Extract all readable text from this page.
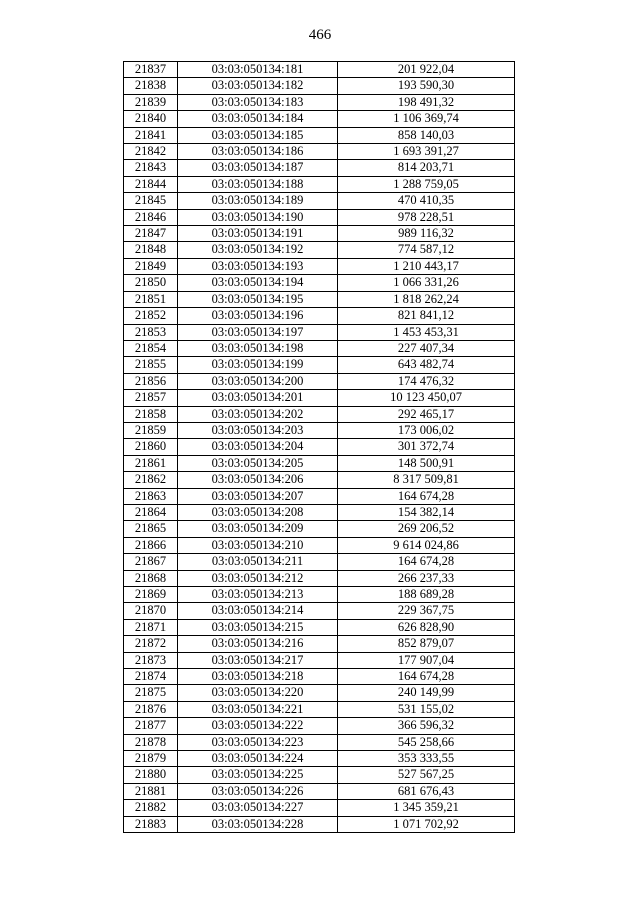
466
21837	03:03:050134:181	201 922,04
21838	03:03:050134:182	193 590,30
21839	03:03:050134:183	198 491,32
21840	03:03:050134:184	1 106 369,74
21841	03:03:050134:185	858 140,03
21842	03:03:050134:186	1 693 391,27
21843	03:03:050134:187	814 203,71
21844	03:03:050134:188	1 288 759,05
21845	03:03:050134:189	470 410,35
21846	03:03:050134:190	978 228,51
21847	03:03:050134:191	989 116,32
21848	03:03:050134:192	774 587,12
21849	03:03:050134:193	1 210 443,17
21850	03:03:050134:194	1 066 331,26
21851	03:03:050134:195	1 818 262,24
21852	03:03:050134:196	821 841,12
21853	03:03:050134:197	1 453 453,31
21854	03:03:050134:198	227 407,34
21855	03:03:050134:199	643 482,74
21856	03:03:050134:200	174 476,32
21857	03:03:050134:201	10 123 450,07
21858	03:03:050134:202	292 465,17
21859	03:03:050134:203	173 006,02
21860	03:03:050134:204	301 372,74
21861	03:03:050134:205	148 500,91
21862	03:03:050134:206	8 317 509,81
21863	03:03:050134:207	164 674,28
21864	03:03:050134:208	154 382,14
21865	03:03:050134:209	269 206,52
21866	03:03:050134:210	9 614 024,86
21867	03:03:050134:211	164 674,28
21868	03:03:050134:212	266 237,33
21869	03:03:050134:213	188 689,28
21870	03:03:050134:214	229 367,75
21871	03:03:050134:215	626 828,90
21872	03:03:050134:216	852 879,07
21873	03:03:050134:217	177 907,04
21874	03:03:050134:218	164 674,28
21875	03:03:050134:220	240 149,99
21876	03:03:050134:221	531 155,02
21877	03:03:050134:222	366 596,32
21878	03:03:050134:223	545 258,66
21879	03:03:050134:224	353 333,55
21880	03:03:050134:225	527 567,25
21881	03:03:050134:226	681 676,43
21882	03:03:050134:227	1 345 359,21
21883	03:03:050134:228	1 071 702,92
